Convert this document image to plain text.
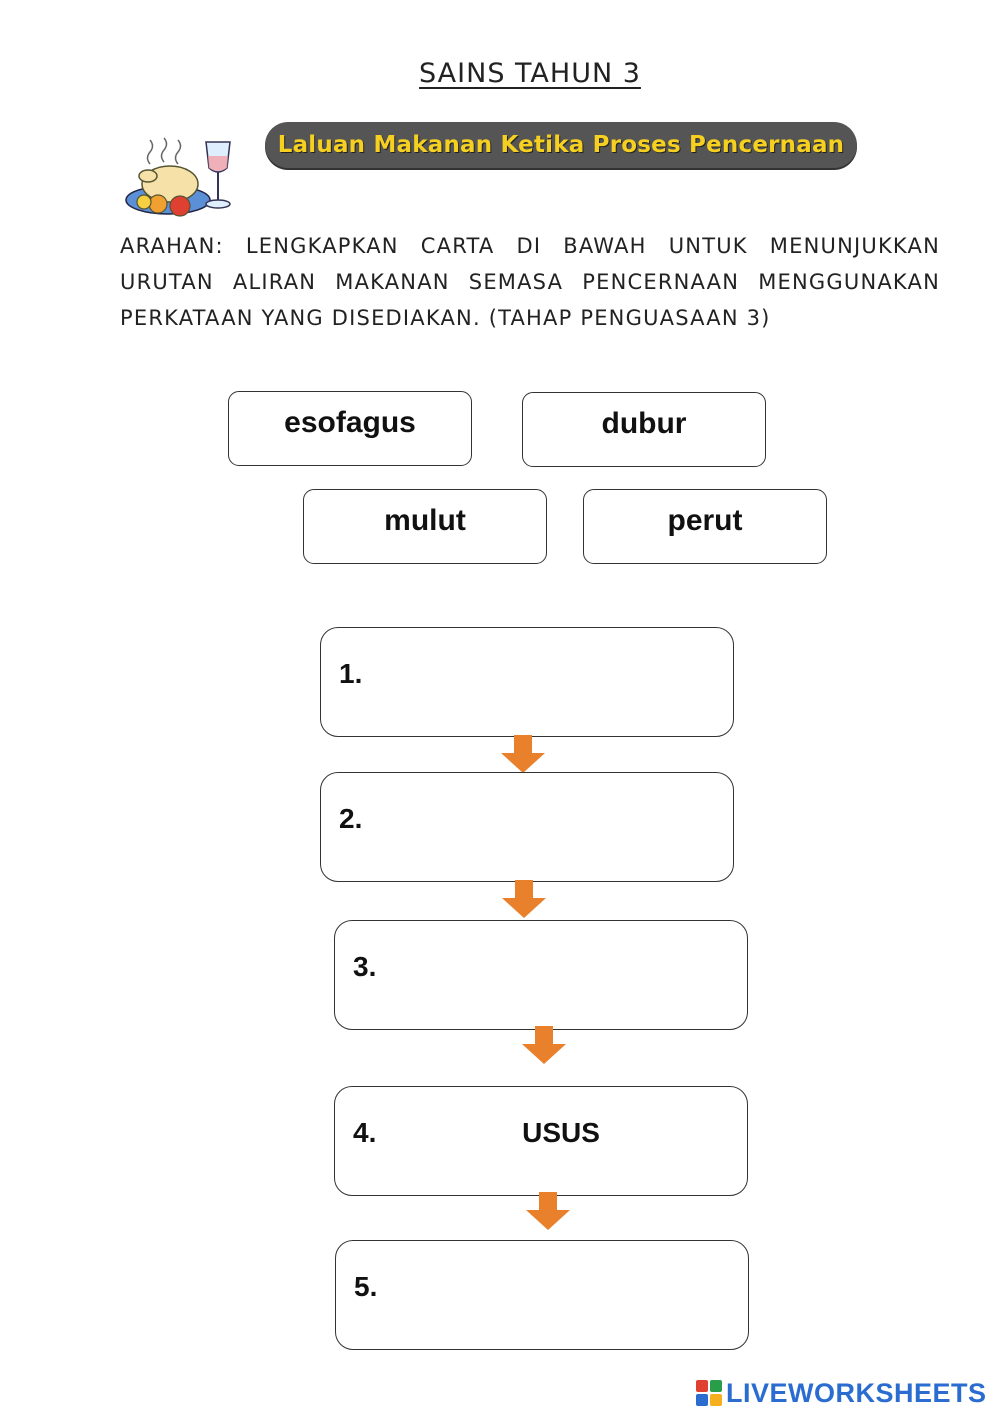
SAINS TAHUN 3
Laluan Makanan Ketika Proses Pencernaan
ARAHAN: LENGKAPKAN CARTA DI BAWAH UNTUK MENUNJUKKAN URUTAN ALIRAN MAKANAN SEMASA PENCERNAAN MENGGUNAKAN PERKATAAN YANG DISEDIAKAN. (TAHAP PENGUASAAN 3)
esofagus	dubur
mulut	perut
1.
2.
3.
4.	USUS
5.
LIVEWORKSHEETS
